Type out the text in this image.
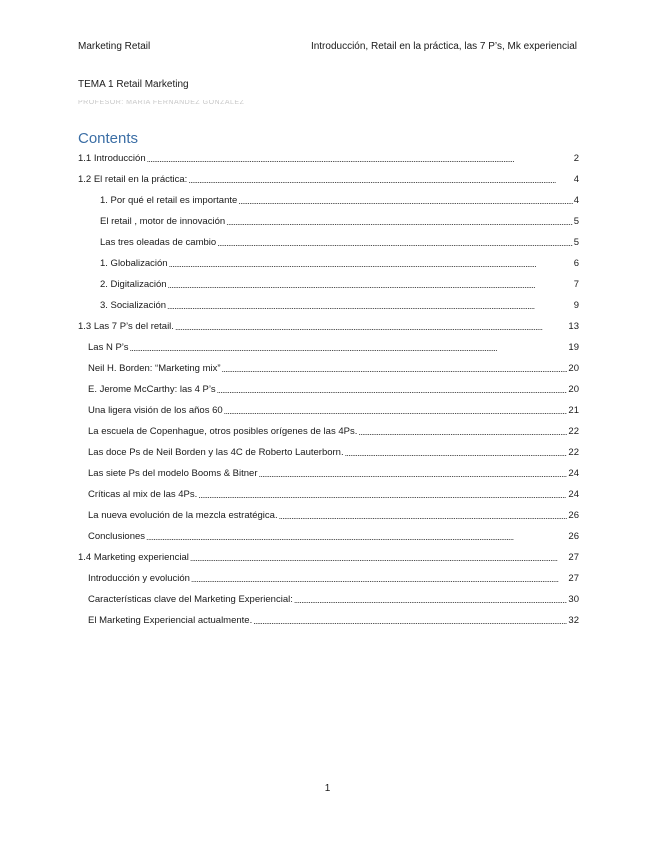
Marketing Retail	Introducción, Retail en la práctica, las 7 P’s, Mk experiencial
TEMA 1 Retail Marketing
PROFESOR: MARIA FERNANDEZ GONZALEZ
Contents
1.1 Introducción . . .	2
1.2 El retail en la práctica: . . .	4
1. Por qué el retail es importante . . .	4
El retail , motor de innovación . . .	5
Las tres oleadas de cambio . . .	5
1. Globalización . . .	6
2. Digitalización . . .	7
3. Socialización . . .	9
1.3 Las 7 P’s del retail. . . .	13
Las N P’s . . .	19
Neil H. Borden: “Marketing mix” . . .	20
E. Jerome McCarthy: las 4 P’s . . .	20
Una ligera visión de los años 60 . . .	21
La escuela de Copenhague, otros posibles orígenes de las 4Ps. . . .	22
Las doce Ps de Neil Borden y las 4C de Roberto Lauterborn. . . .	22
Las siete Ps del modelo Booms & Bitner . . .	24
Críticas al mix de las 4Ps. . . .	24
La nueva evolución de la mezcla estratégica. . . .	26
Conclusiones . . .	26
1.4 Marketing experiencial . . .	27
Introducción y evolución . . .	27
Características clave del Marketing Experiencial: . . .	30
El Marketing Experiencial actualmente. . . .	32
1
